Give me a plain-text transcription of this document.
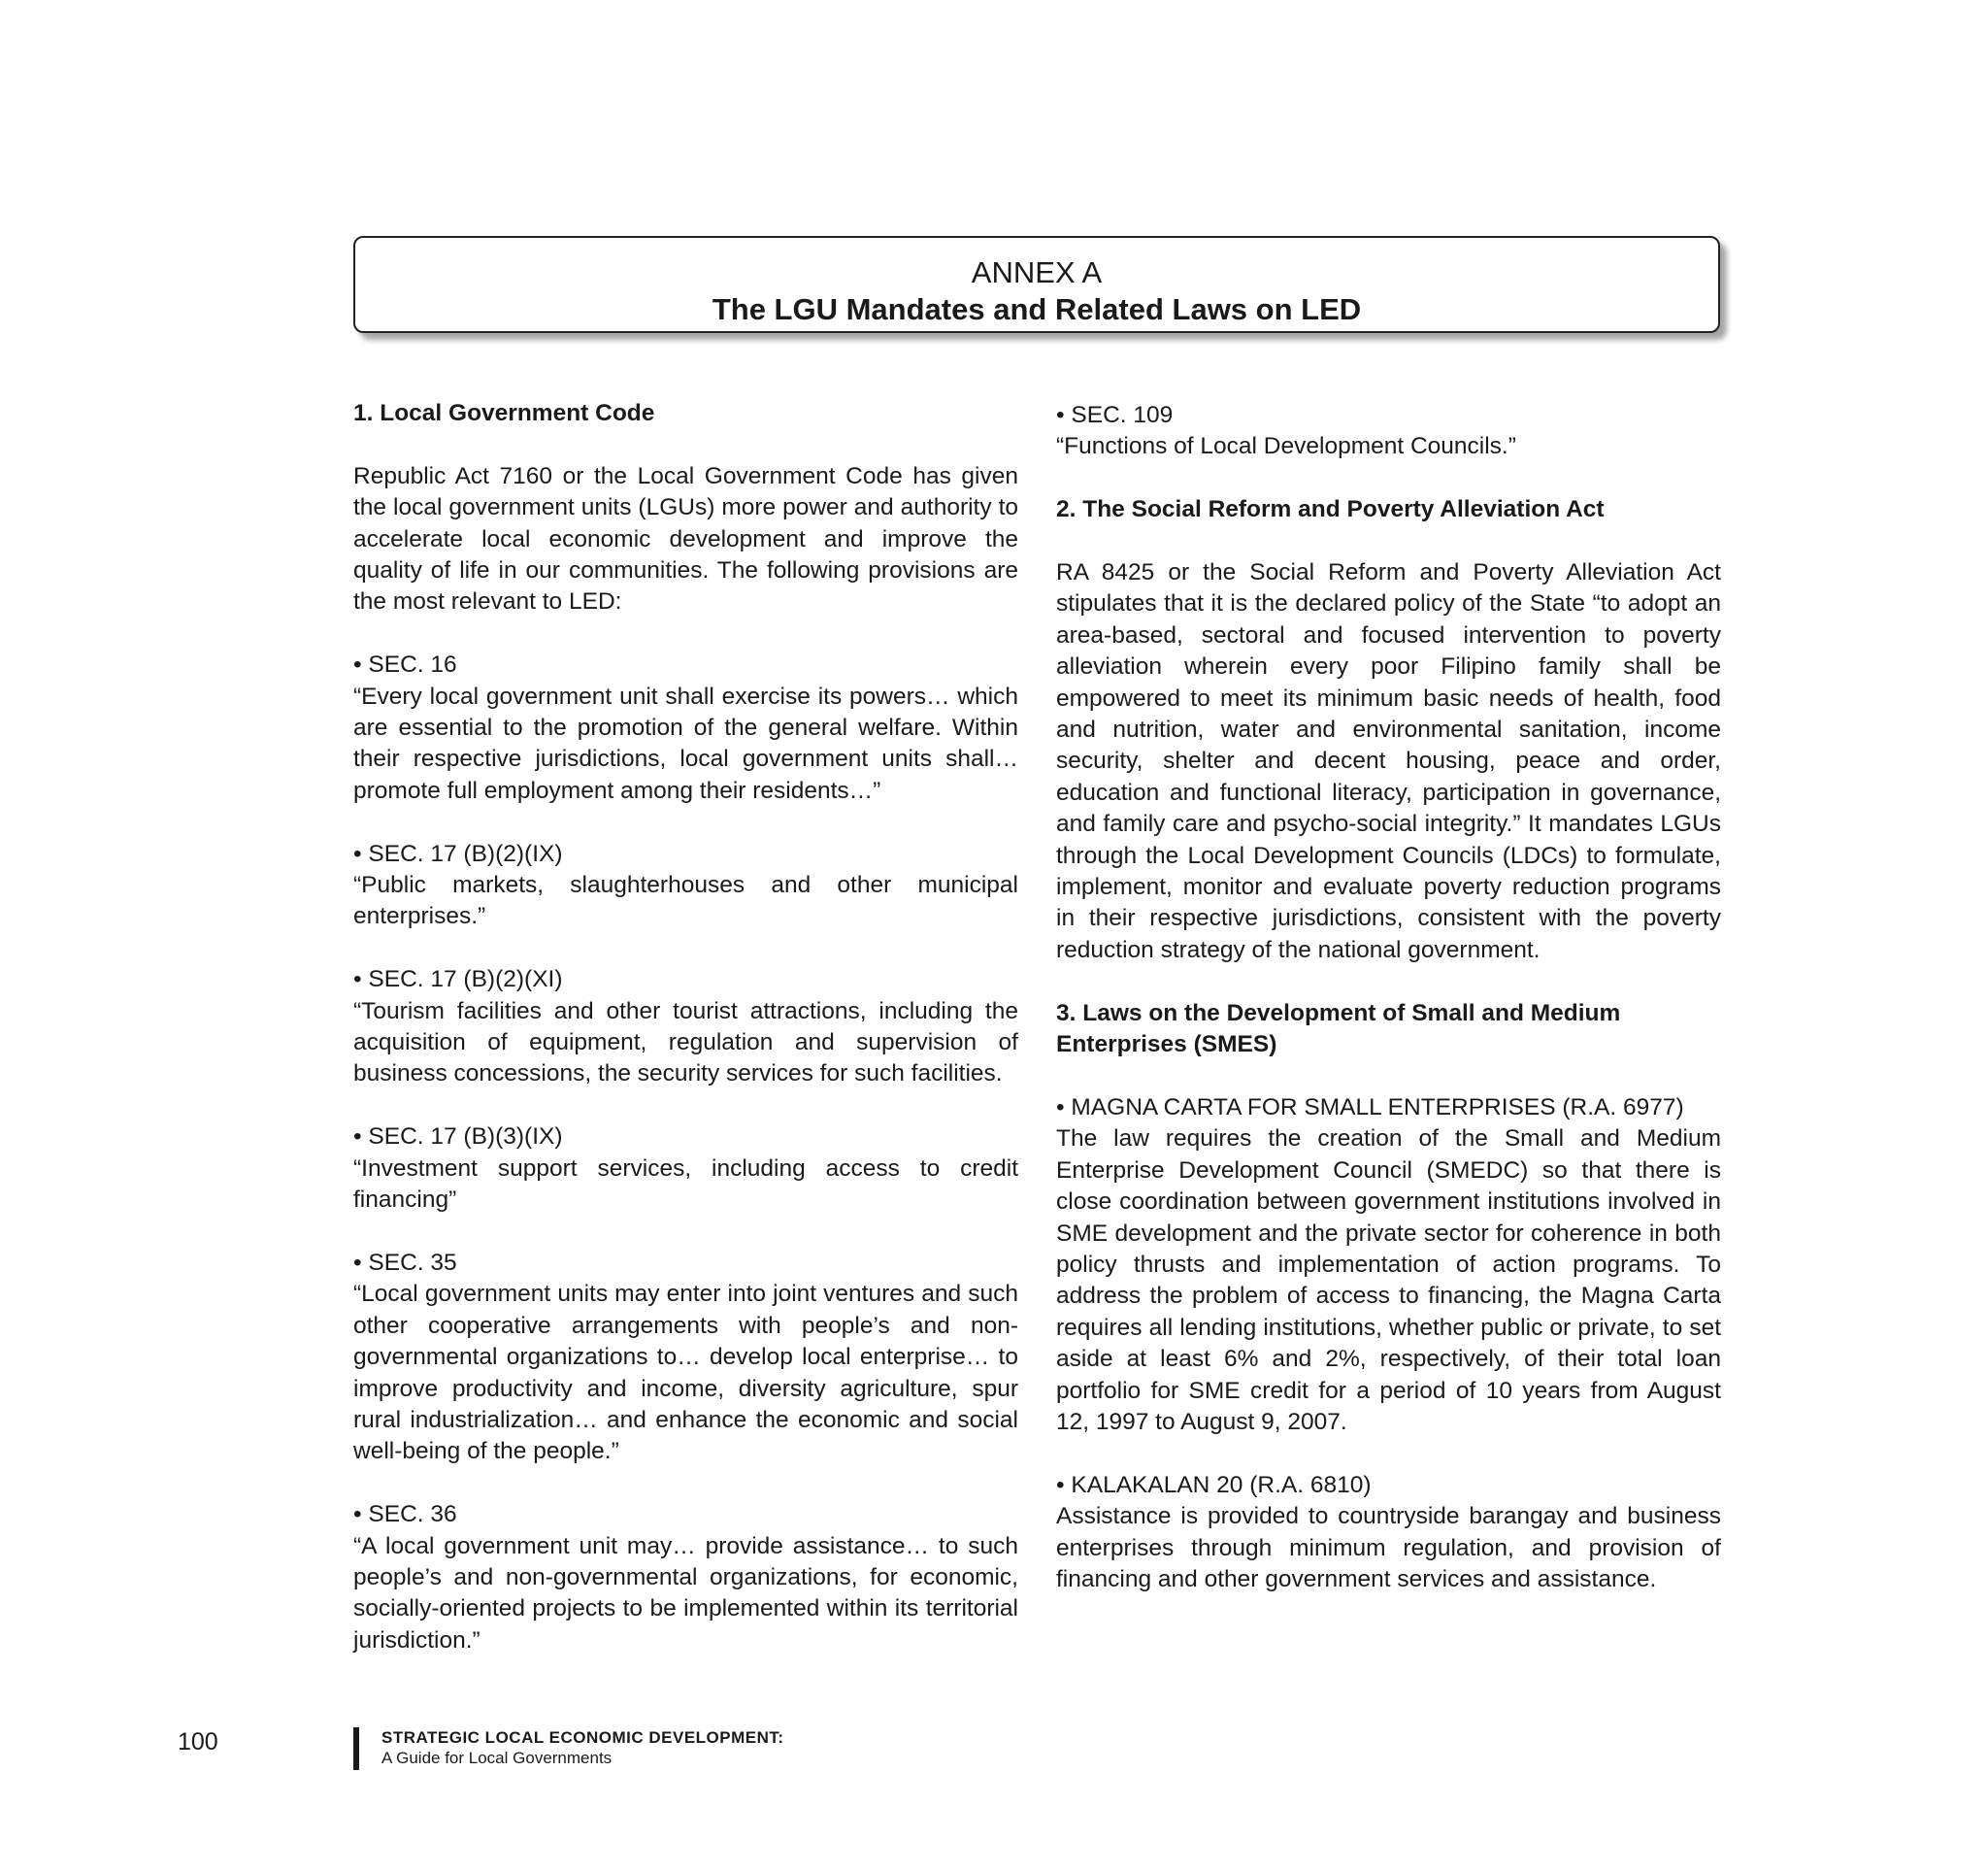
ANNEX A
The LGU Mandates and Related Laws on LED

1. Local Government Code

Republic Act 7160 or the Local Government Code has given the local government units (LGUs) more power and authority to accelerate local economic development and improve the quality of life in our communities. The following provisions are the most relevant to LED:

• SEC. 16
“Every local government unit shall exercise its powers… which are essential to the promotion of the general welfare. Within their respective jurisdictions, local government units shall… promote full employment among their residents…”

• SEC. 17 (B)(2)(IX)
“Public markets, slaughterhouses and other municipal enterprises.”

• SEC. 17 (B)(2)(XI)
“Tourism facilities and other tourist attractions, including the acquisition of equipment, regulation and supervision of business concessions, the security services for such facilities.

• SEC. 17 (B)(3)(IX)
“Investment support services, including access to credit financing”

• SEC. 35
“Local government units may enter into joint ventures and such other cooperative arrangements with people’s and non-governmental organizations to… develop local enterprise… to improve productivity and income, diversity agriculture, spur rural industrialization… and enhance the economic and social well-being of the people.”

• SEC. 36
“A local government unit may… provide assistance… to such people’s and non-governmental organizations, for economic, socially-oriented projects to be implemented within its territorial jurisdiction.”

• SEC. 109
“Functions of Local Development Councils.”

2. The Social Reform and Poverty Alleviation Act

RA 8425 or the Social Reform and Poverty Alleviation Act stipulates that it is the declared policy of the State “to adopt an area-based, sectoral and focused intervention to poverty alleviation wherein every poor Filipino family shall be empowered to meet its minimum basic needs of health, food and nutrition, water and environmental sanitation, income security, shelter and decent housing, peace and order, education and functional literacy, participation in governance, and family care and psycho-social integrity.” It mandates LGUs through the Local Development Councils (LDCs) to formulate, implement, monitor and evaluate poverty reduction programs in their respective jurisdictions, consistent with the poverty reduction strategy of the national government.

3. Laws on the Development of Small and Medium Enterprises (SMES)

• MAGNA CARTA FOR SMALL ENTERPRISES (R.A. 6977)
The law requires the creation of the Small and Medium Enterprise Development Council (SMEDC) so that there is close coordination between government institutions involved in SME development and the private sector for coherence in both policy thrusts and implementation of action programs. To address the problem of access to financing, the Magna Carta requires all lending institutions, whether public or private, to set aside at least 6% and 2%, respectively, of their total loan portfolio for SME credit for a period of 10 years from August 12, 1997 to August 9, 2007.

• KALAKALAN 20 (R.A. 6810)
Assistance is provided to countryside barangay and business enterprises through minimum regulation, and provision of financing and other government services and assistance.

100	STRATEGIC LOCAL ECONOMIC DEVELOPMENT:
A Guide for Local Governments
